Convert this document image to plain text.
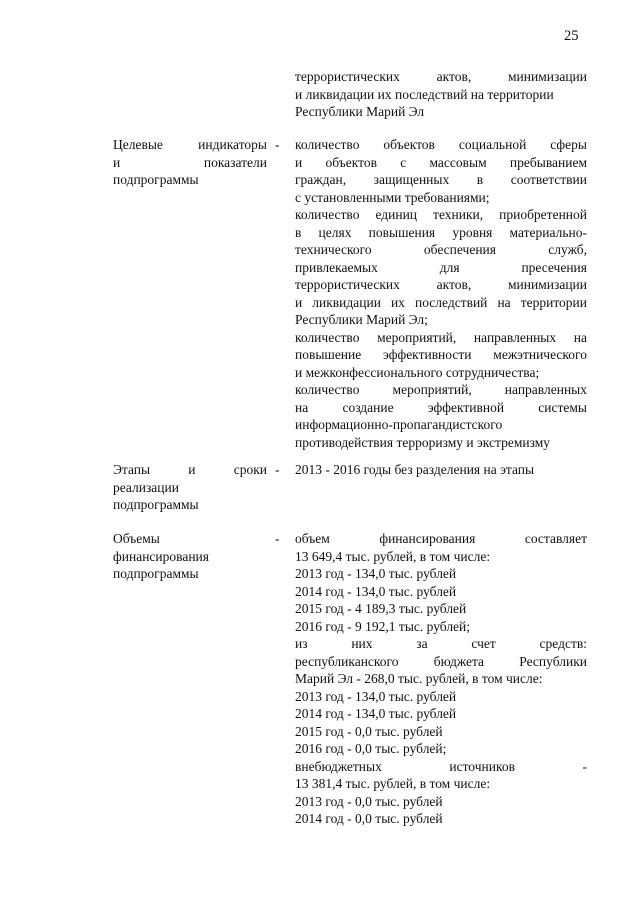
25
террористических актов, минимизации
и ликвидации их последствий на территории
Республики Марий Эл
Целевые индикаторы
и показатели
подпрограммы
- количество объектов социальной сферы
и объектов с массовым пребыванием
граждан, защищенных в соответствии
с установленными требованиями;
количество единиц техники, приобретенной
в целях повышения уровня материально-
технического обеспечения служб,
привлекаемых для пресечения
террористических актов, минимизации
и ликвидации их последствий на территории
Республики Марий Эл;
количество мероприятий, направленных на
повышение эффективности межэтнического
и межконфессионального сотрудничества;
количество мероприятий, направленных
на создание эффективной системы
информационно-пропагандистского
противодействия терроризму и экстремизму
Этапы и сроки
реализации
подпрограммы
- 2013 - 2016 годы без разделения на этапы
Объемы
финансирования
подпрограммы
- объем финансирования составляет
13 649,4 тыс. рублей, в том числе:
2013 год - 134,0 тыс. рублей
2014 год - 134,0 тыс. рублей
2015 год - 4 189,3 тыс. рублей
2016 год - 9 192,1 тыс. рублей;
из них за счет средств:
республиканского бюджета Республики
Марий Эл - 268,0 тыс. рублей, в том числе:
2013 год - 134,0 тыс. рублей
2014 год - 134,0 тыс. рублей
2015 год - 0,0 тыс. рублей
2016 год - 0,0 тыс. рублей;
внебюджетных источников -
13 381,4 тыс. рублей, в том числе:
2013 год - 0,0 тыс. рублей
2014 год - 0,0 тыс. рублей
